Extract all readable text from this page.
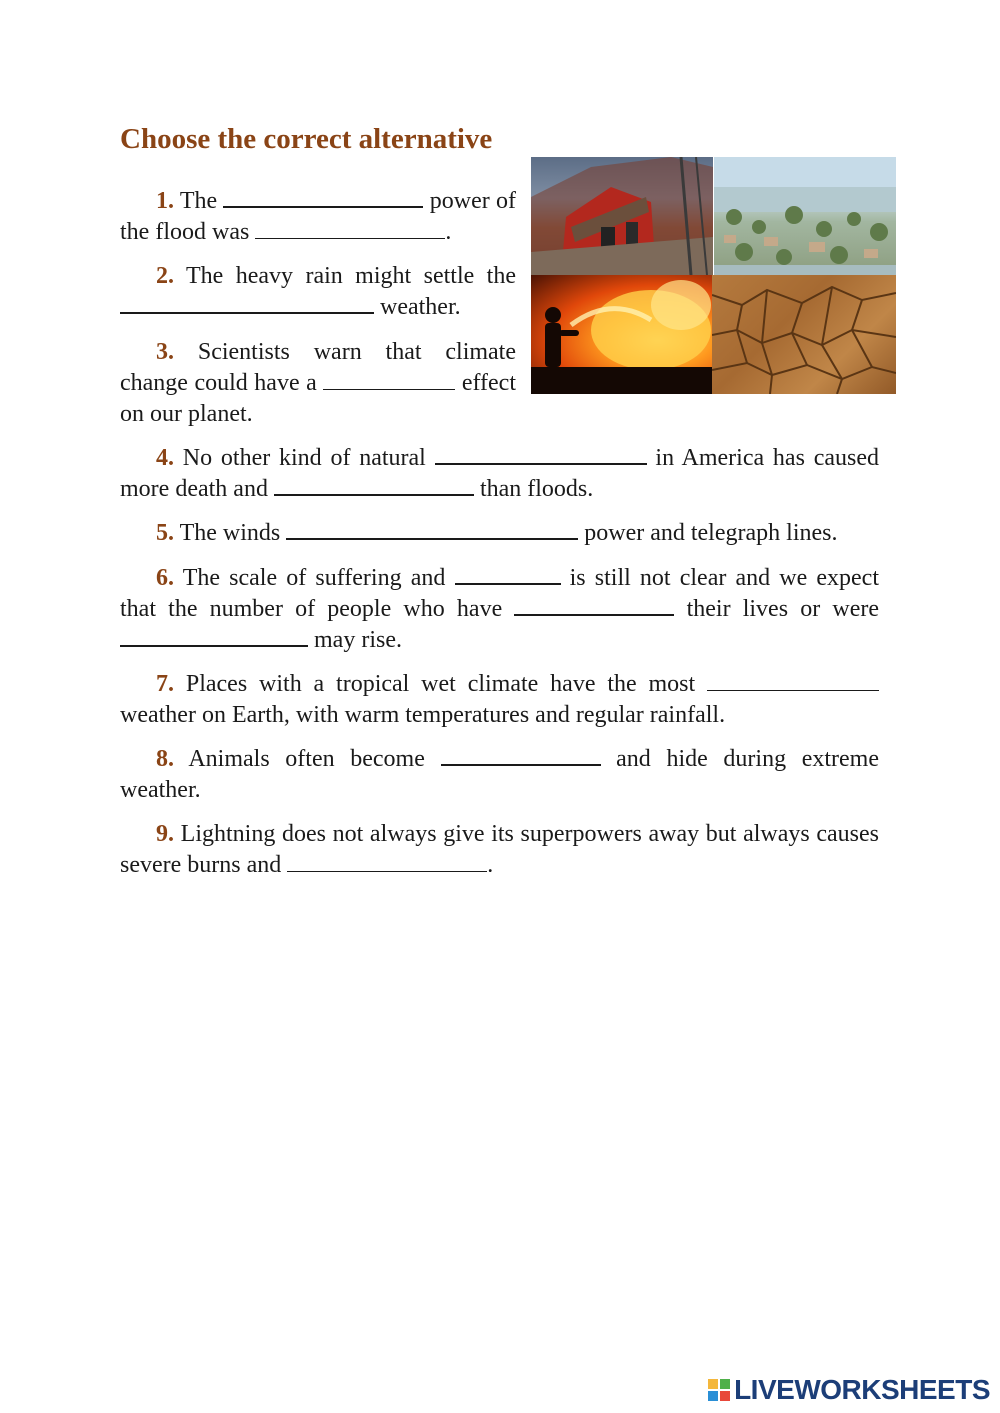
Choose the correct alternative

1. The	power of the flood was	.

2. The heavy rain might settle the  weather.

3. Scientists warn that climate change could have a	effect on our planet.

4. No other kind of natural	in America has caused more death and	than floods.

5. The winds	power and telegraph lines.

6. The scale of suffering and	is still not clear and we expect that the number of people who have	their lives or were  may rise.

7. Places with a tropical wet climate have the most  weather on Earth, with warm temperatures and regular rainfall.

8. Animals often become	and hide during extreme weather.

9. Lightning does not always give its superpowers away but always causes severe burns and	.

LIVEWORKSHEETS
